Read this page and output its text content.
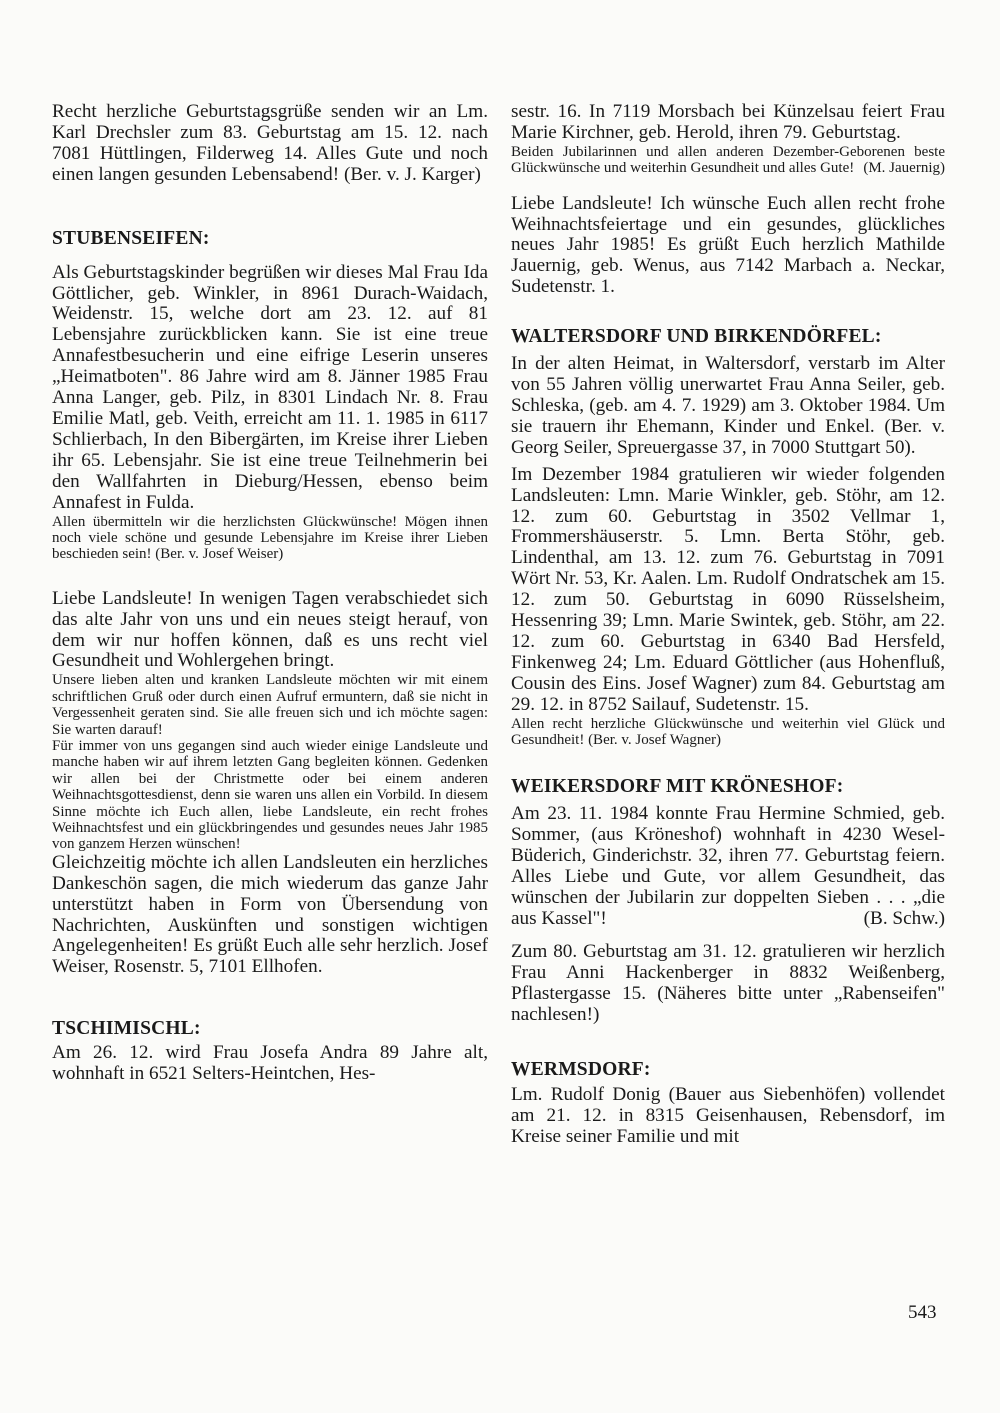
Recht herzliche Geburtstagsgrüße senden wir an Lm. Karl Drechsler zum 83. Geburtstag am 15. 12. nach 7081 Hüttlingen, Filderweg 14. Alles Gute und noch einen langen gesunden Lebensabend! (Ber. v. J. Karger)

STUBENSEIFEN:

Als Geburtstagskinder begrüßen wir dieses Mal Frau Ida Göttlicher, geb. Winkler, in 8961 Durach-Waidach, Weidenstr. 15, welche dort am 23. 12. auf 81 Lebensjahre zurückblicken kann. Sie ist eine treue Annafestbesucherin und eine eifrige Leserin unseres „Heimatboten". 86 Jahre wird am 8. Jänner 1985 Frau Anna Langer, geb. Pilz, in 8301 Lindach Nr. 8. Frau Emilie Matl, geb. Veith, erreicht am 11. 1. 1985 in 6117 Schlierbach, In den Bibergärten, im Kreise ihrer Lieben ihr 65. Lebensjahr. Sie ist eine treue Teilnehmerin bei den Wallfahrten in Dieburg/Hessen, ebenso beim Annafest in Fulda.

Allen übermitteln wir die herzlichsten Glückwünsche! Mögen ihnen noch viele schöne und gesunde Lebensjahre im Kreise ihrer Lieben beschieden sein! (Ber. v. Josef Weiser)

Liebe Landsleute! In wenigen Tagen verabschiedet sich das alte Jahr von uns und ein neues steigt herauf, von dem wir nur hoffen können, daß es uns recht viel Gesundheit und Wohlergehen bringt.

Unsere lieben alten und kranken Landsleute möchten wir mit einem schriftlichen Gruß oder durch einen Aufruf ermuntern, daß sie nicht in Vergessenheit geraten sind. Sie alle freuen sich und ich möchte sagen: Sie warten darauf!

Für immer von uns gegangen sind auch wieder einige Landsleute und manche haben wir auf ihrem letzten Gang begleiten können. Gedenken wir allen bei der Christmette oder bei einem anderen Weihnachtsgottesdienst, denn sie waren uns allen ein Vorbild. In diesem Sinne möchte ich Euch allen, liebe Landsleute, ein recht frohes Weihnachtsfest und ein glückbringendes und gesundes neues Jahr 1985 von ganzem Herzen wünschen!

Gleichzeitig möchte ich allen Landsleuten ein herzliches Dankeschön sagen, die mich wiederum das ganze Jahr unterstützt haben in Form von Übersendung von Nachrichten, Auskünften und sonstigen wichtigen Angelegenheiten! Es grüßt Euch alle sehr herzlich. Josef Weiser, Rosenstr. 5, 7101 Ellhofen.

TSCHIMISCHL:

Am 26. 12. wird Frau Josefa Andra 89 Jahre alt, wohnhaft in 6521 Selters-Heintchen, Hes-

sestr. 16. In 7119 Morsbach bei Künzelsau feiert Frau Marie Kirchner, geb. Herold, ihren 79. Geburtstag.

Beiden Jubilarinnen und allen anderen Dezember-Geborenen beste Glückwünsche und weiterhin Gesundheit und alles Gute! (M. Jauernig)

Liebe Landsleute! Ich wünsche Euch allen recht frohe Weihnachtsfeiertage und ein gesundes, glückliches neues Jahr 1985! Es grüßt Euch herzlich Mathilde Jauernig, geb. Wenus, aus 7142 Marbach a. Neckar, Sudetenstr. 1.

WALTERSDORF UND BIRKENDÖRFEL:

In der alten Heimat, in Waltersdorf, verstarb im Alter von 55 Jahren völlig unerwartet Frau Anna Seiler, geb. Schleska, (geb. am 4. 7. 1929) am 3. Oktober 1984. Um sie trauern ihr Ehemann, Kinder und Enkel. (Ber. v. Georg Seiler, Spreuergasse 37, in 7000 Stuttgart 50).

Im Dezember 1984 gratulieren wir wieder folgenden Landsleuten: Lmn. Marie Winkler, geb. Stöhr, am 12. 12. zum 60. Geburtstag in 3502 Vellmar 1, Frommershäuserstr. 5. Lmn. Berta Stöhr, geb. Lindenthal, am 13. 12. zum 76. Geburtstag in 7091 Wört Nr. 53, Kr. Aalen. Lm. Rudolf Ondratschek am 15. 12. zum 50. Geburtstag in 6090 Rüsselsheim, Hessenring 39; Lmn. Marie Swintek, geb. Stöhr, am 22. 12. zum 60. Geburtstag in 6340 Bad Hersfeld, Finkenweg 24; Lm. Eduard Göttlicher (aus Hohenfluß, Cousin des Eins. Josef Wagner) zum 84. Geburtstag am 29. 12. in 8752 Sailauf, Sudetenstr. 15.

Allen recht herzliche Glückwünsche und weiterhin viel Glück und Gesundheit! (Ber. v. Josef Wagner)

WEIKERSDORF MIT KRÖNESHOF:

Am 23. 11. 1984 konnte Frau Hermine Schmied, geb. Sommer, (aus Kröneshof) wohnhaft in 4230 Wesel-Büderich, Ginderichstr. 32, ihren 77. Geburtstag feiern. Alles Liebe und Gute, vor allem Gesundheit, das wünschen der Jubilarin zur doppelten Sieben . . . „die aus Kassel"!	(B. Schw.)

Zum 80. Geburtstag am 31. 12. gratulieren wir herzlich Frau Anni Hackenberger in 8832 Weißenberg, Pflastergasse 15. (Näheres bitte unter „Rabenseifen" nachlesen!)

WERMSDORF:

Lm. Rudolf Donig (Bauer aus Siebenhöfen) vollendet am 21. 12. in 8315 Geisenhausen, Rebensdorf, im Kreise seiner Familie und mit

543
